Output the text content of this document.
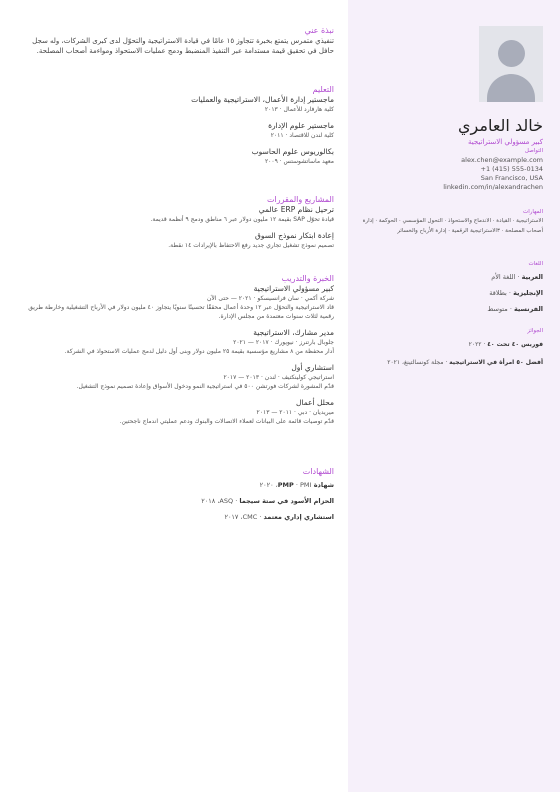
خالد العامري
كبير مسؤولي الاستراتيجية
التواصل
alex.chen@example.com
+1 (415) 555-0134
San Francisco, USA
linkedin.com/in/alexandrachen
المهارات
الاستراتيجية · القيادة · الاندماج والاستحواذ · التحول المؤسسي · الحوكمة · إدارة أصحاب المصلحة · ٣الاستراتيجية الرقمية · إدارة الأرباح والخسائر
اللغات
العربية · اللغة الأم
الإنجليزية · بطلاقة
الفرنسية · متوسط
الجوائز
فوربس ٤٠ تحت ٤٠ · ٢٠٢٢
أفضل ٥٠ امرأة في الاستراتيجية · مجلة كونسالتينغ، ٢٠٢١
نبذة عني
تنفيذي متمرس يتمتع بخبرة تتجاوز ١٥ عامًا في قيادة الاستراتيجية والتحوّل لدى كبرى الشركات، وله سجل حافل في تحقيق قيمة مستدامة عبر التنفيذ المنضبط ودمج عمليات الاستحواذ ومواءمة أصحاب المصلحة.
التعليم
ماجستير إدارة الأعمال، الاستراتيجية والعمليات
كلية هارفارد للأعمال · ٢٠١٣
ماجستير علوم الإدارة
كلية لندن للاقتصاد · ٢٠١١
بكالوريوس علوم الحاسوب
معهد ماساتشوستس · ٢٠٠٩
المشاريع والمقررات
ترحيل نظام ERP عالمي
قيادة تحوّل SAP بقيمة ١٢ مليون دولار عبر ٦ مناطق ودمج ٩ أنظمة قديمة.
إعادة ابتكار نموذج السوق
تصميم نموذج تشغيل تجاري جديد رفع الاحتفاظ بالإيرادات ١٤ نقطة.
الخبرة والتدريب
كبير مسؤولي الاستراتيجية
شركة أكمي · سان فرانسيسكو · ٢٠٢١ — حتى الآن
قاد الاستراتيجية والتحوّل عبر ١٢ وحدة أعمال محققًا تحسينًا سنويًا يتجاوز ٤٠ مليون دولار في الأرباح التشغيلية وخارطة طريق رقمية لثلاث سنوات معتمدة من مجلس الإدارة.
مدير مشارك، الاستراتيجية
جلوبال بارتنرز · نيويورك · ٢٠١٧ — ٢٠٢١
أدار محفظة من ٨ مشاريع مؤسسية بقيمة ٢٥ مليون دولار وبنى أول دليل لدمج عمليات الاستحواذ في الشركة.
استشاري أول
استراتيجي كولينكتيف · لندن · ٢٠١٣ — ٢٠١٧
قدّم المشورة لشركات فورتشن ٥٠٠ في استراتيجية النمو ودخول الأسواق وإعادة تصميم نموذج التشغيل.
محلل أعمال
ميريديان · دبي · ٢٠١١ — ٢٠١٣
قدّم توصيات قائمة على البيانات لعملاء الاتصالات والبنوك ودعم عمليتي اندماج ناجحتين.
الشهادات
شهادة PMP · PMI، ٢٠٢٠
الحزام الأسود في ستة سيجما · ASQ، ٢٠١٨
استشاري إداري معتمد · CMC، ٢٠١٧
